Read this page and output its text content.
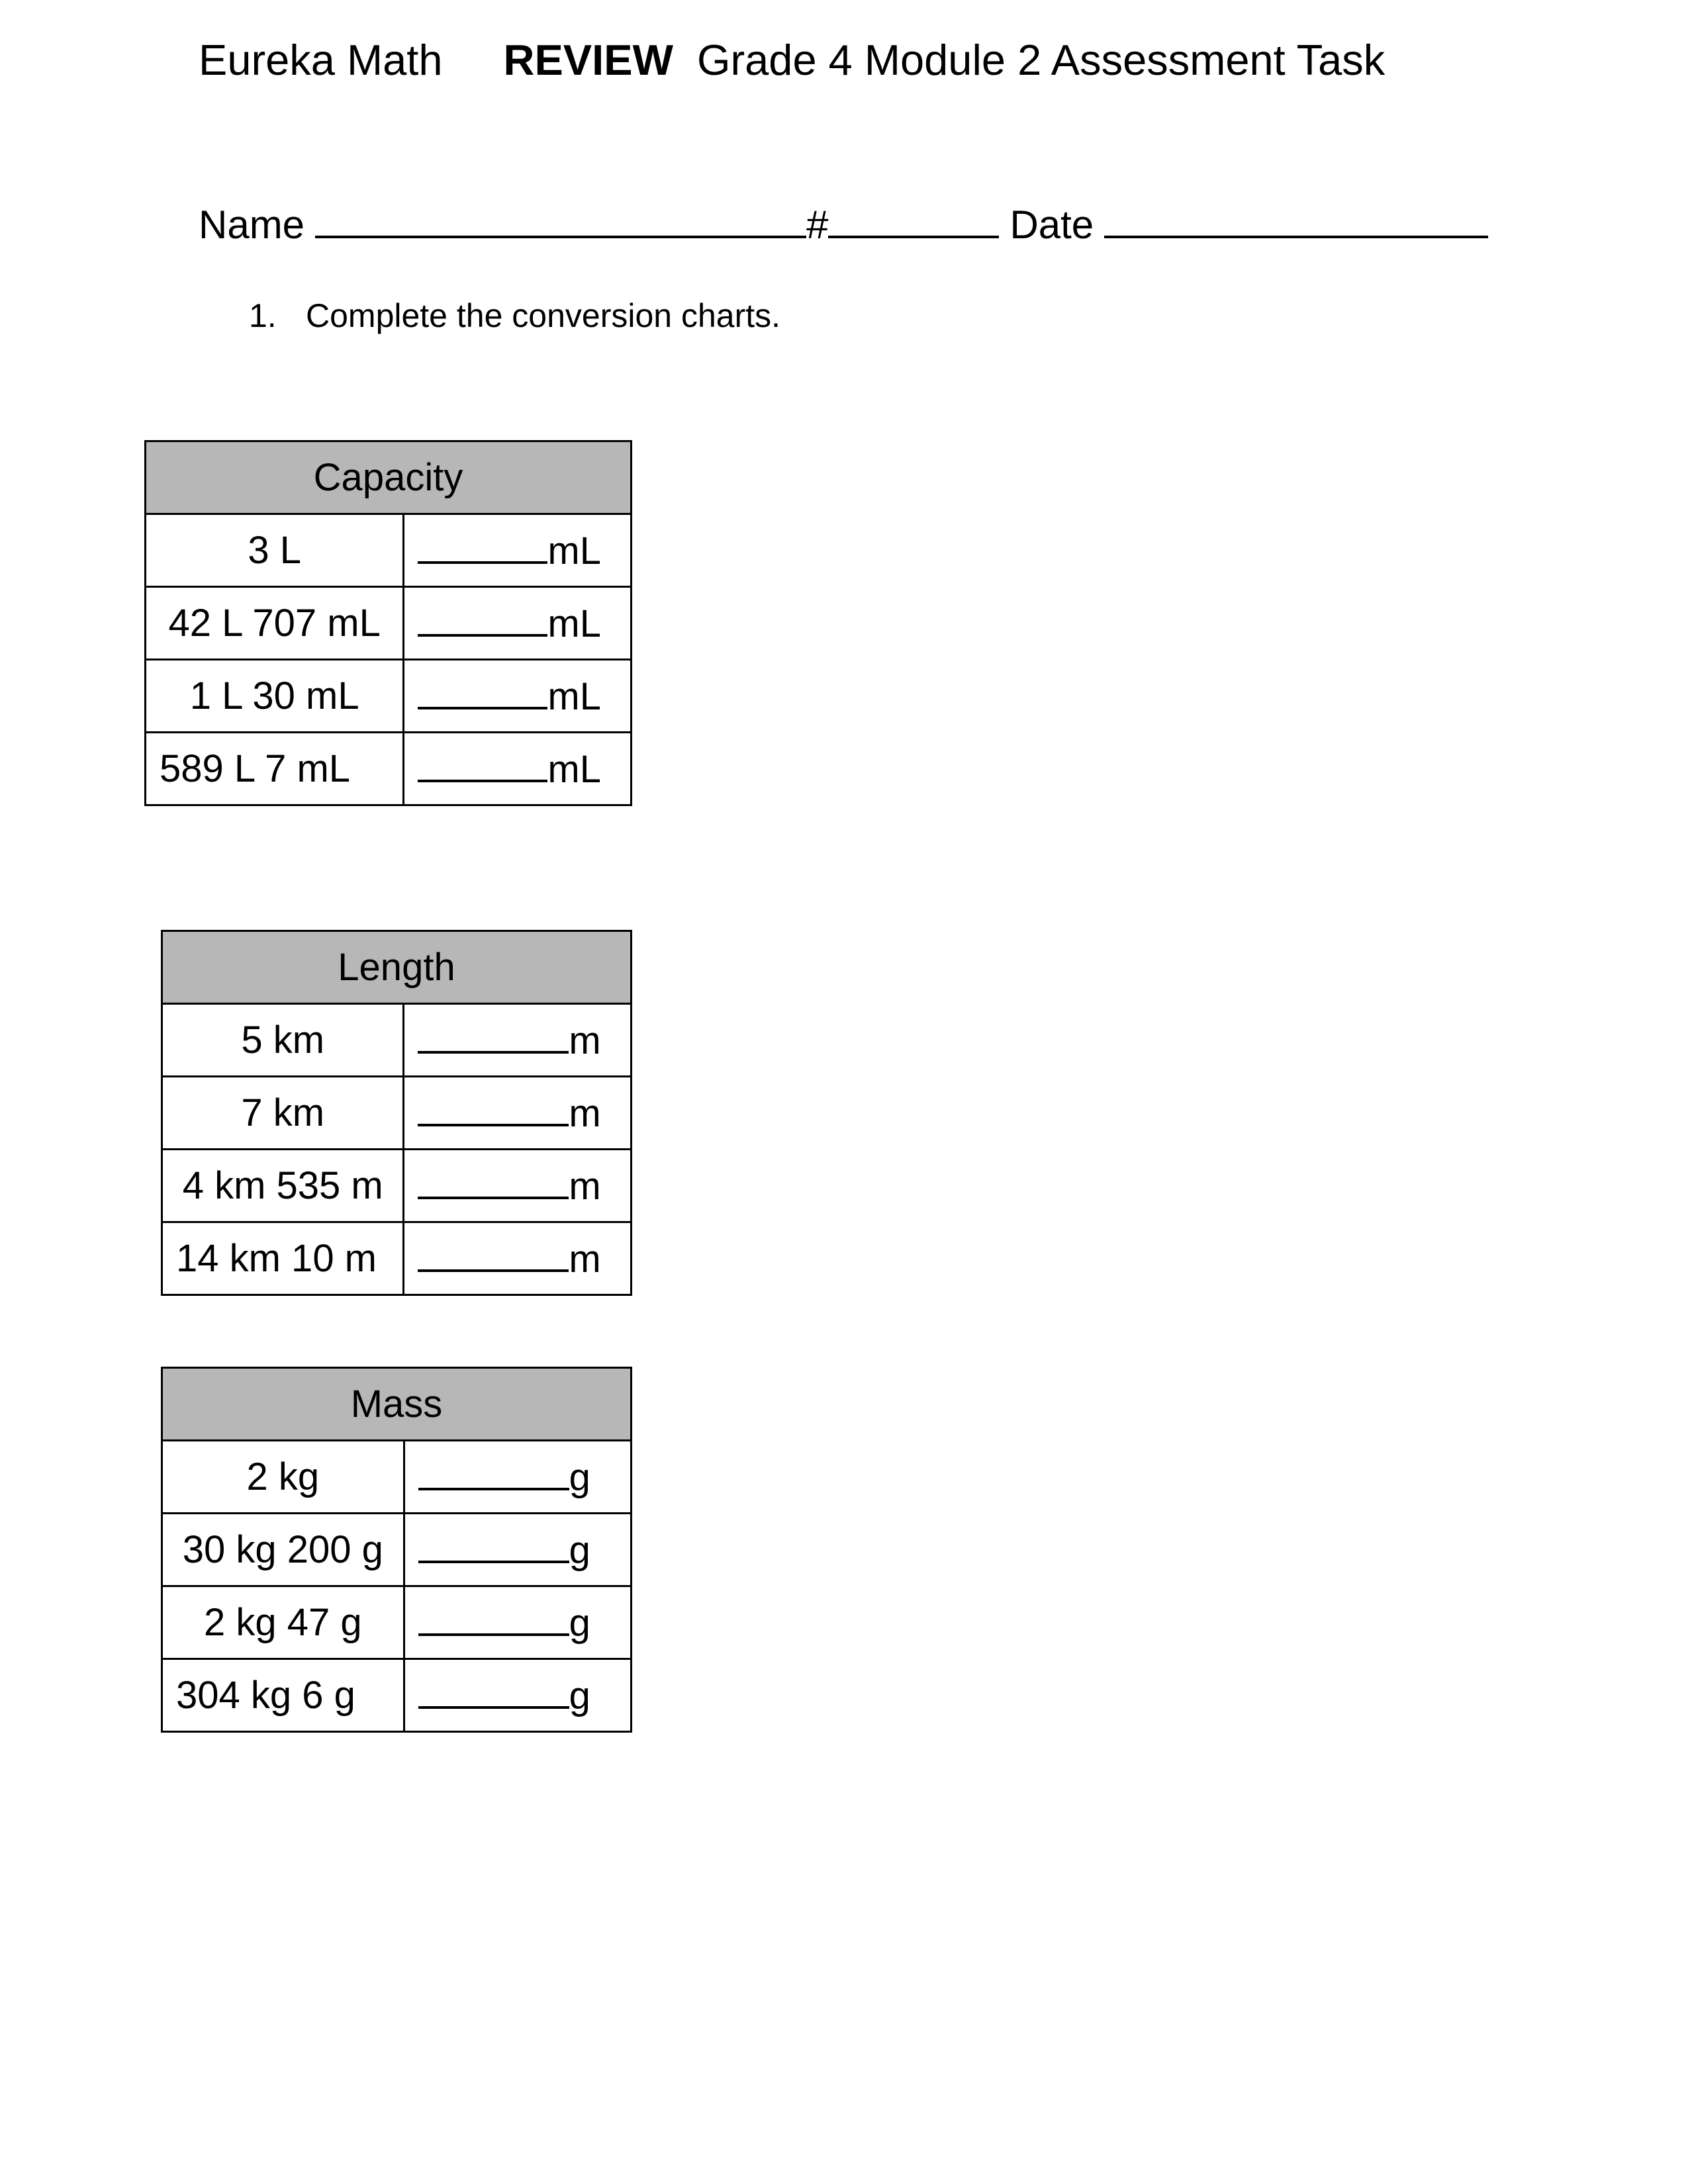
Eureka Math REVIEW Grade 4 Module 2 Assessment Task
Name	#	Date
1. Complete the conversion charts.
Capacity	
3 L	mL
42 L 707 mL	mL
1 L 30 mL	mL
589 L 7 mL	mL
Length	
5 km	m
7 km	m
4 km 535 m	m
14 km 10 m	m
Mass	
2 kg	g
30 kg 200 g	g
2 kg 47 g	g
304 kg 6 g	g
